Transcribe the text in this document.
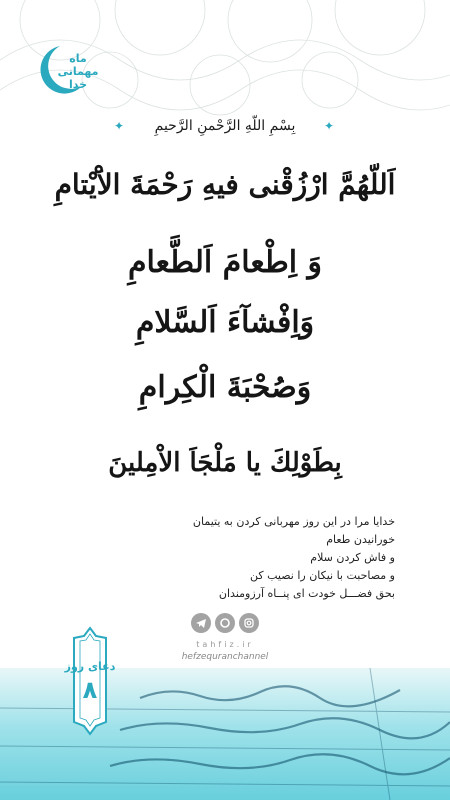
ماه مهمانی خدا
✦	بِسْمِ اللّهِ الرَّحْمنِ الرَّحيمِ	✦
اَللّهُمَّ ارْزُقْنى فيهِ رَحْمَةَ الاَْيْتامِ
وَ اِطْعامَ اَلطَّعامِ
وَاِفْشآءَ اَلسَّلامِ
وَصُحْبَةَ الْكِرامِ
بِطَوْلِكَ يا مَلْجَاَ الاْمِلينَ
خدایا مرا در این روز مهربانی کردن به یتیمان
خورانیدن طعام
و فاش کردن سلام
و مصاحبت با نیکان را نصیب کن
بحق فضـــل خودت ای پنــاه آرزومندان
tahfiz.ir
hefzequranchannel
دعای روز
۸
